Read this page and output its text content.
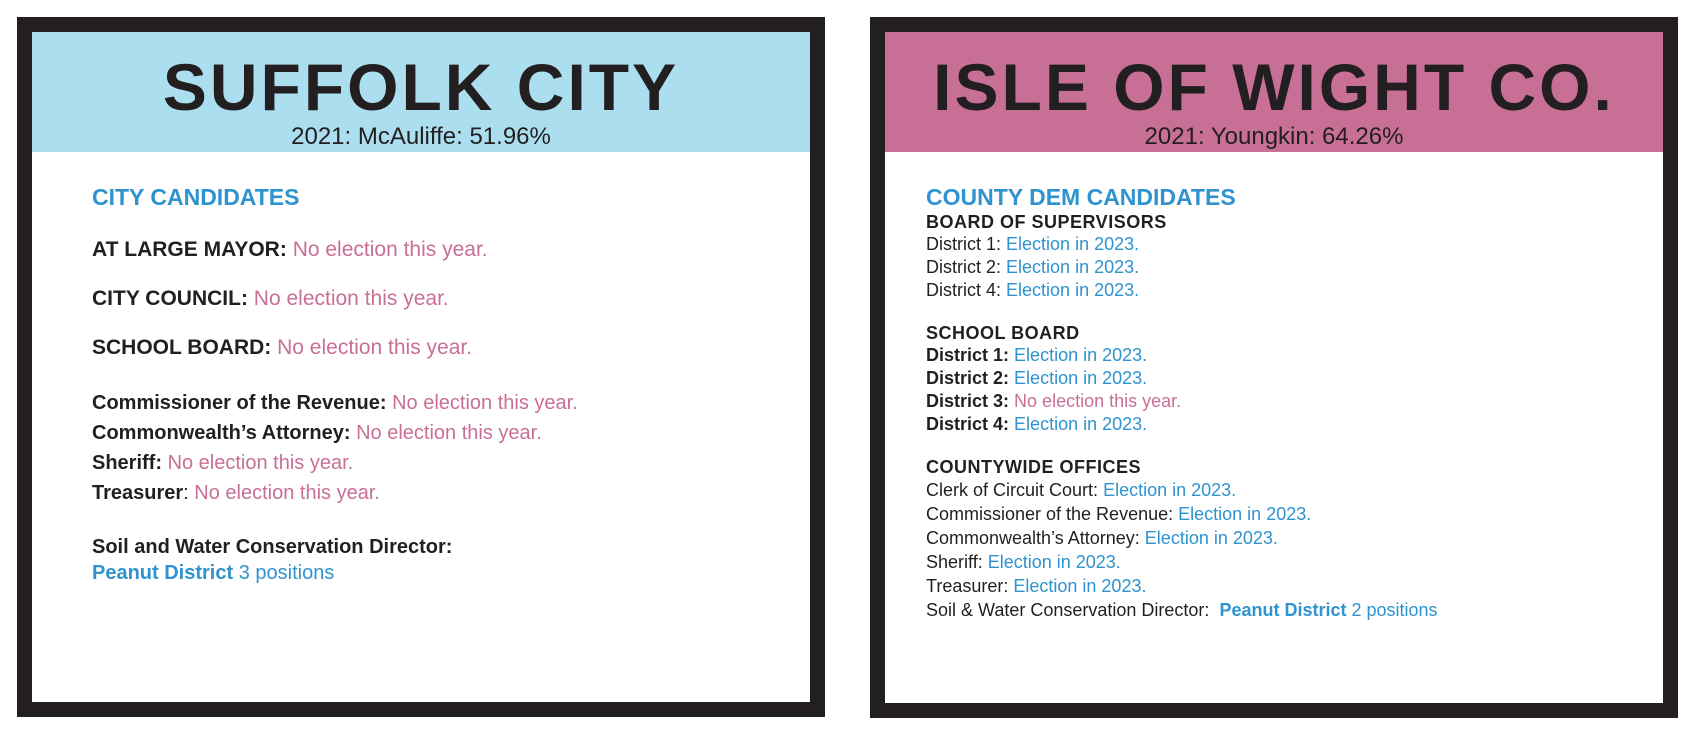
SUFFOLK CITY
2021: McAuliffe: 51.96%
CITY CANDIDATES
AT LARGE MAYOR: No election this year.
CITY COUNCIL: No election this year.
SCHOOL BOARD: No election this year.
Commissioner of the Revenue: No election this year.
Commonwealth’s Attorney: No election this year.
Sheriff: No election this year.
Treasurer: No election this year.
Soil and Water Conservation Director:
Peanut District 3 positions
ISLE OF WIGHT CO.
2021: Youngkin: 64.26%
COUNTY DEM CANDIDATES
BOARD OF SUPERVISORS
District 1: Election in 2023.
District 2: Election in 2023.
District 4: Election in 2023.
SCHOOL BOARD
District 1: Election in 2023.
District 2: Election in 2023.
District 3: No election this year.
District 4: Election in 2023.
COUNTYWIDE OFFICES
Clerk of Circuit Court: Election in 2023.
Commissioner of the Revenue: Election in 2023.
Commonwealth’s Attorney: Election in 2023.
Sheriff: Election in 2023.
Treasurer: Election in 2023.
Soil & Water Conservation Director: Peanut District 2 positions
